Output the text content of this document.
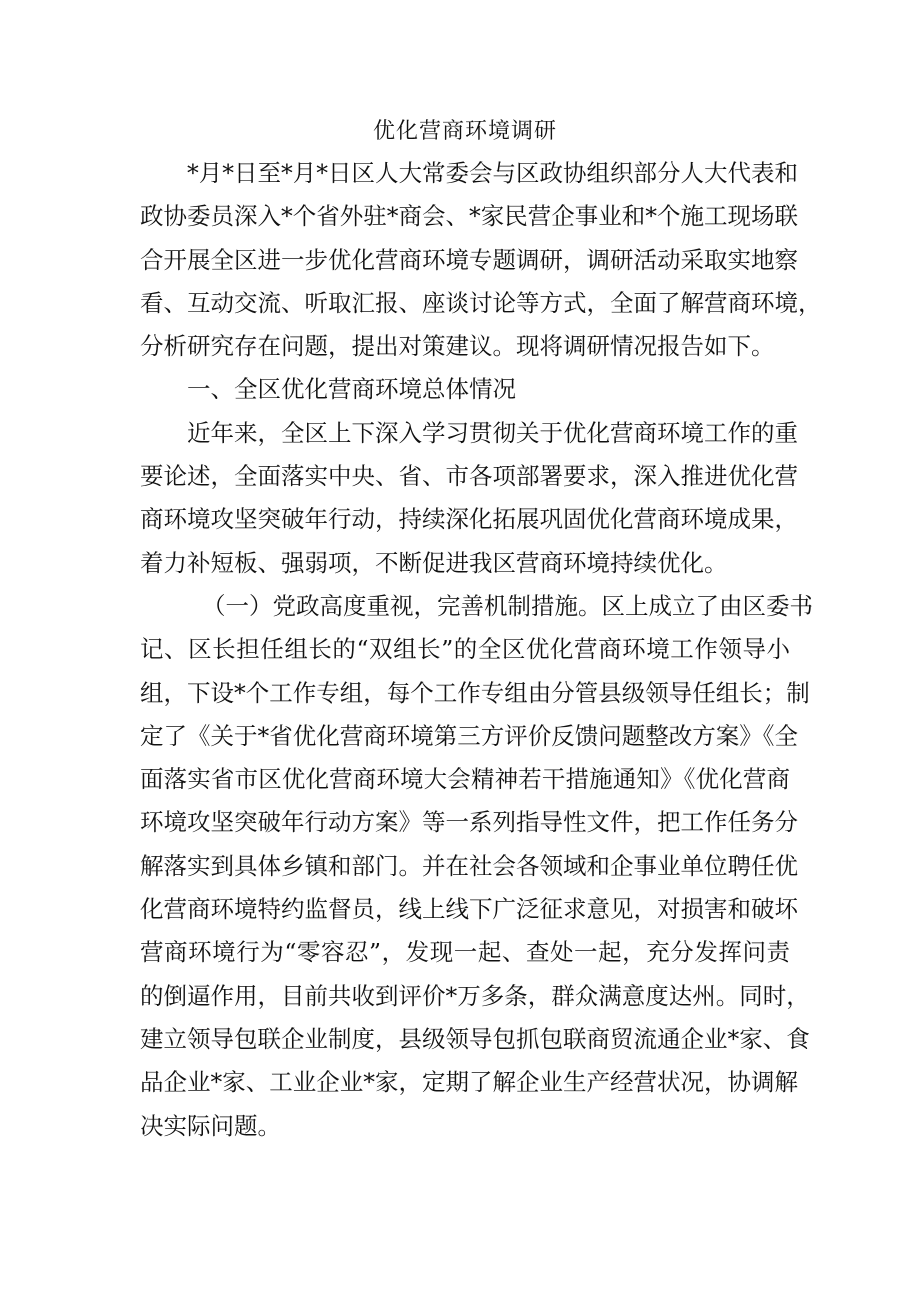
优化营商环境调研
*月*日至*月*日区人大常委会与区政协组织部分人大代表和
政协委员深入*个省外驻*商会、*家民营企事业和*个施工现场联
合开展全区进一步优化营商环境专题调研，调研活动采取实地察
看、互动交流、听取汇报、座谈讨论等方式，全面了解营商环境，
分析研究存在问题，提出对策建议。现将调研情况报告如下。
一、全区优化营商环境总体情况
近年来，全区上下深入学习贯彻关于优化营商环境工作的重
要论述，全面落实中央、省、市各项部署要求，深入推进优化营
商环境攻坚突破年行动，持续深化拓展巩固优化营商环境成果，
着力补短板、强弱项，不断促进我区营商环境持续优化。
（一）党政高度重视，完善机制措施。区上成立了由区委书
记、区长担任组长的“双组长”的全区优化营商环境工作领导小
组，下设*个工作专组，每个工作专组由分管县级领导任组长；制
定了《关于*省优化营商环境第三方评价反馈问题整改方案》《全
面落实省市区优化营商环境大会精神若干措施通知》《优化营商
环境攻坚突破年行动方案》等一系列指导性文件，把工作任务分
解落实到具体乡镇和部门。并在社会各领域和企事业单位聘任优
化营商环境特约监督员，线上线下广泛征求意见，对损害和破坏
营商环境行为“零容忍”，发现一起、查处一起，充分发挥问责
的倒逼作用，目前共收到评价*万多条，群众满意度达州。同时，
建立领导包联企业制度，县级领导包抓包联商贸流通企业*家、食
品企业*家、工业企业*家，定期了解企业生产经营状况，协调解
决实际问题。
